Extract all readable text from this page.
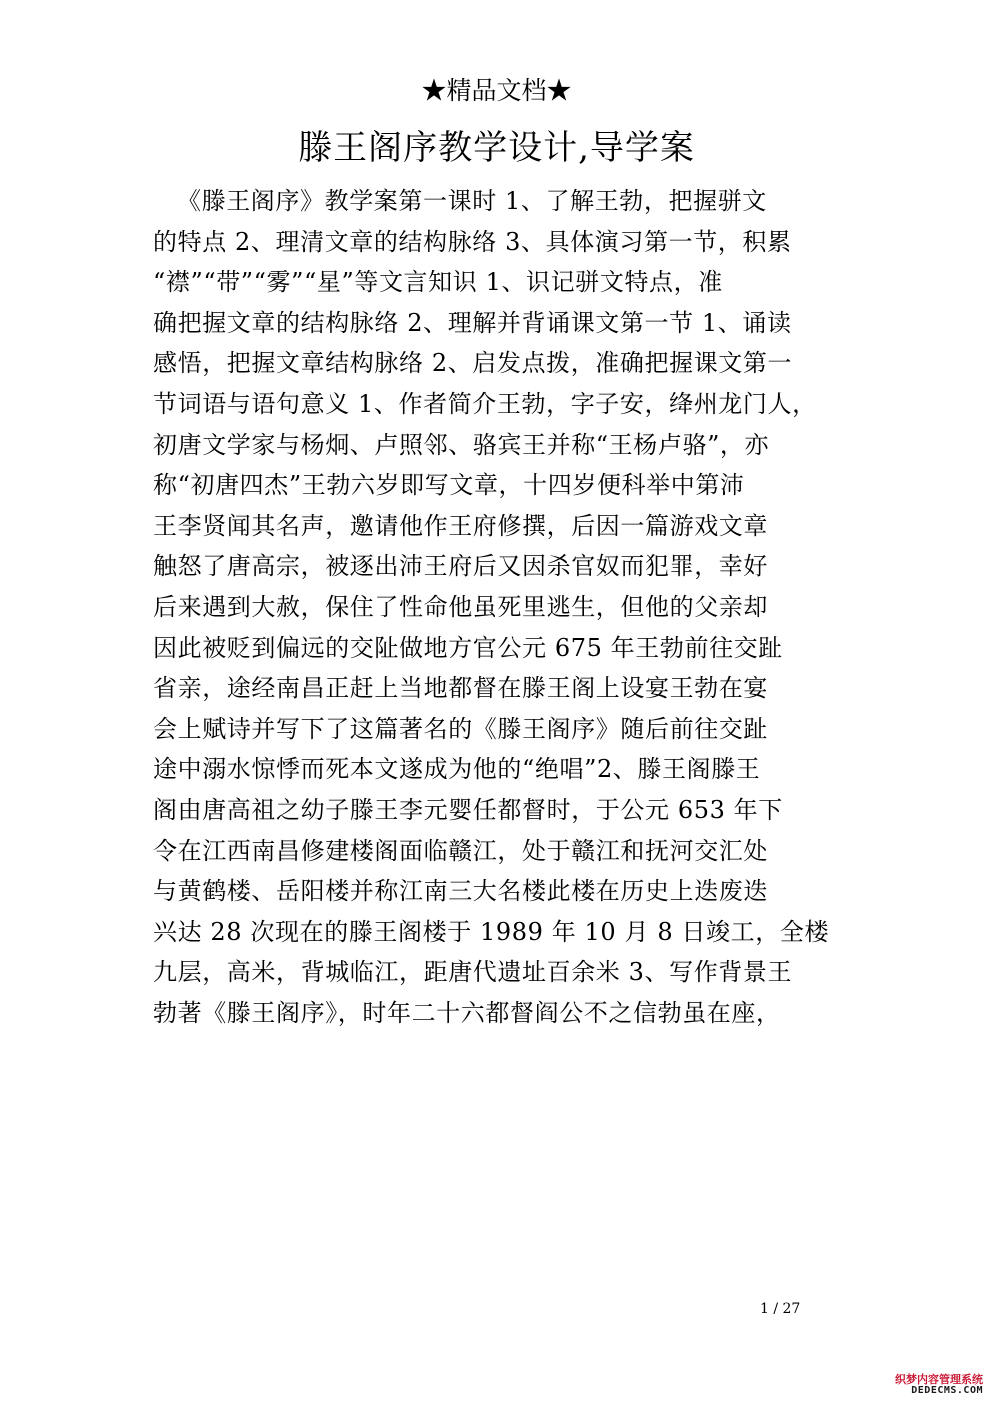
★精品文档★
滕王阁序教学设计,导学案
《滕王阁序》教学案第一课时 1、了解王勃，把握骈文
的特点 2、理清文章的结构脉络 3、具体演习第一节，积累
“襟”“带”“雾”“星”等文言知识 1、识记骈文特点，准
确把握文章的结构脉络 2、理解并背诵课文第一节 1、诵读
感悟，把握文章结构脉络 2、启发点拨，准确把握课文第一
节词语与语句意义 1、作者简介王勃，字子安，绛州龙门人，
初唐文学家与杨炯、卢照邻、骆宾王并称“王杨卢骆”，亦
称“初唐四杰”王勃六岁即写文章，十四岁便科举中第沛
王李贤闻其名声，邀请他作王府修撰，后因一篇游戏文章
触怒了唐高宗，被逐出沛王府后又因杀官奴而犯罪，幸好
后来遇到大赦，保住了性命他虽死里逃生，但他的父亲却
因此被贬到偏远的交阯做地方官公元 675 年王勃前往交趾
省亲，途经南昌正赶上当地都督在滕王阁上设宴王勃在宴
会上赋诗并写下了这篇著名的《滕王阁序》随后前往交趾
途中溺水惊悸而死本文遂成为他的“绝唱”2、滕王阁滕王
阁由唐高祖之幼子滕王李元婴任都督时，于公元 653 年下
令在江西南昌修建楼阁面临赣江，处于赣江和抚河交汇处
与黄鹤楼、岳阳楼并称江南三大名楼此楼在历史上迭废迭
兴达 28 次现在的滕王阁楼于 1989 年 10 月 8 日竣工，全楼
九层，高米，背城临江，距唐代遗址百余米 3、写作背景王
勃著《滕王阁序》，时年二十六都督阎公不之信勃虽在座，
1 / 27
织梦内容管理系统
DEDECMS.COM
